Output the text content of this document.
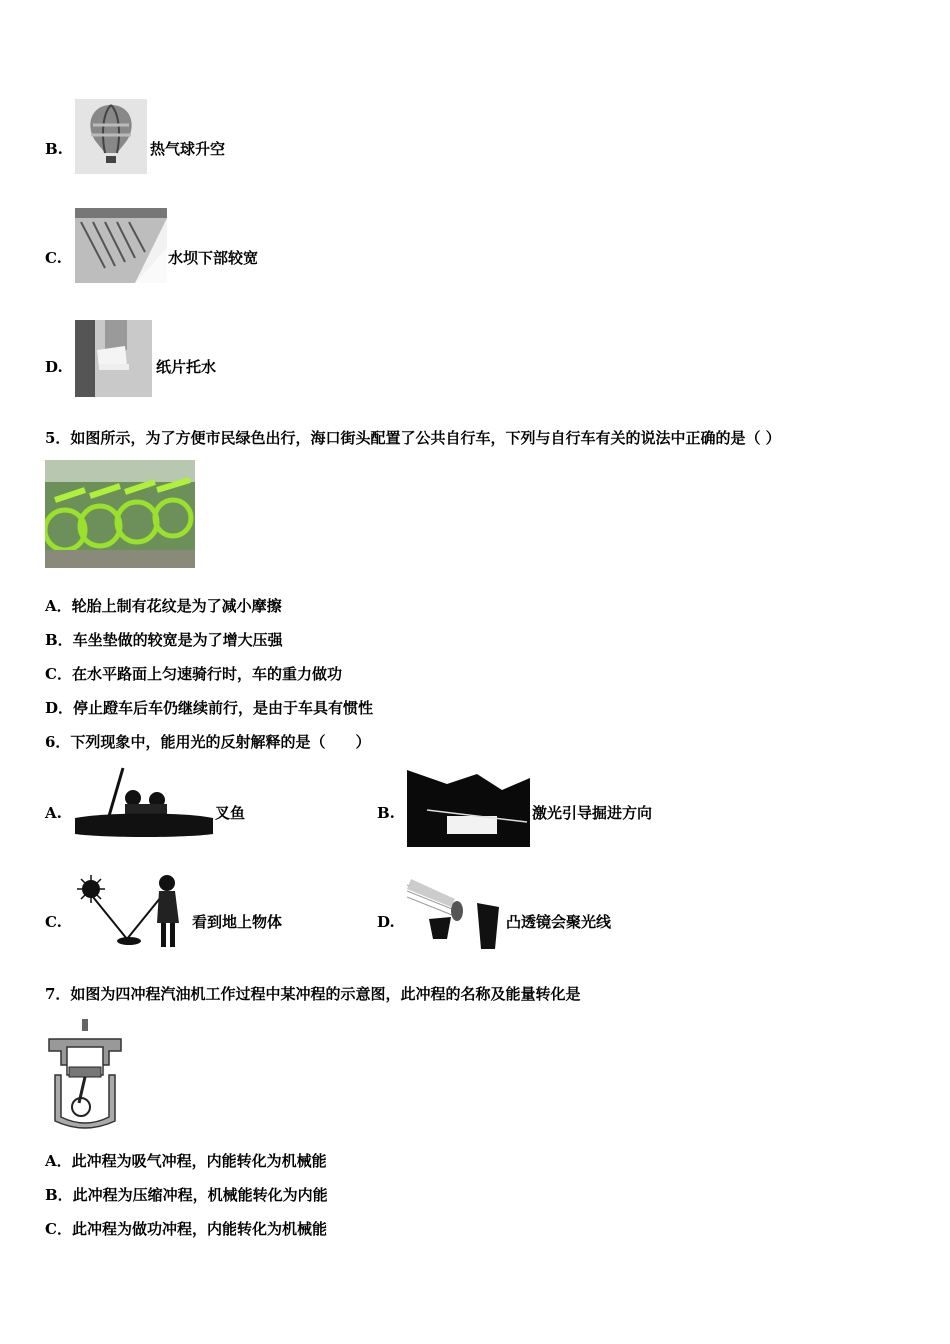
B.	热气球升空
C.	水坝下部较宽
D.	纸片托水
5．如图所示，为了方便市民绿色出行，海口街头配置了公共自行车，下列与自行车有关的说法中正确的是（ ）
A．轮胎上制有花纹是为了减小摩擦
B．车坐垫做的较宽是为了增大压强
C．在水平路面上匀速骑行时，车的重力做功
D．停止蹬车后车仍继续前行，是由于车具有惯性
6．下列现象中，能用光的反射解释的是（　　）
A.	叉鱼	B.	激光引导掘进方向
C.	看到地上物体	D.	凸透镜会聚光线
7．如图为四冲程汽油机工作过程中某冲程的示意图，此冲程的名称及能量转化是
A．此冲程为吸气冲程，内能转化为机械能
B．此冲程为压缩冲程，机械能转化为内能
C．此冲程为做功冲程，内能转化为机械能
